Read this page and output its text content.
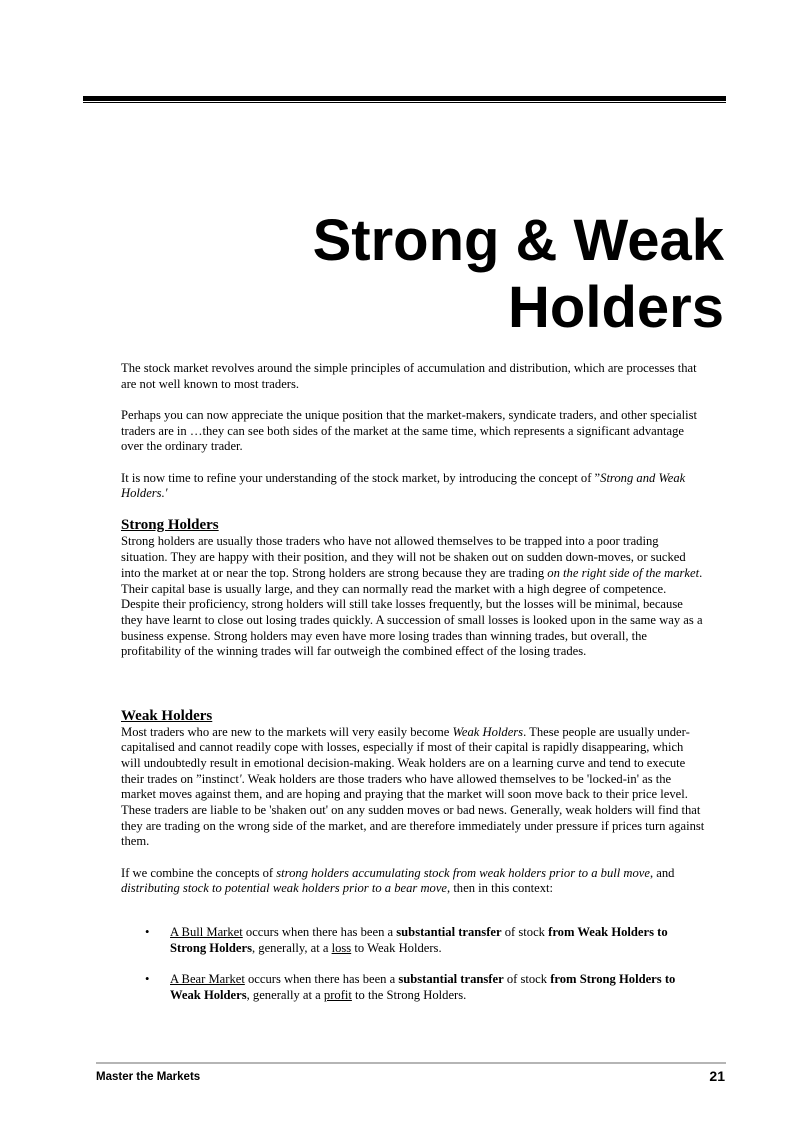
Strong & Weak
Holders

The stock market revolves around the simple principles of accumulation and distribution, which are processes that are not well known to most traders.

Perhaps you can now appreciate the unique position that the market-makers, syndicate traders, and other specialist traders are in …they can see both sides of the market at the same time, which represents a significant advantage over the ordinary trader.

It is now time to refine your understanding of the stock market, by introducing the concept of ”Strong and Weak Holders.'

Strong Holders

Strong holders are usually those traders who have not allowed themselves to be trapped into a poor trading situation. They are happy with their position, and they will not be shaken out on sudden down-moves, or sucked into the market at or near the top. Strong holders are strong because they are trading on the right side of the market. Their capital base is usually large, and they can normally read the market with a high degree of competence. Despite their proficiency, strong holders will still take losses frequently, but the losses will be minimal, because they have learnt to close out losing trades quickly. A succession of small losses is looked upon in the same way as a business expense. Strong holders may even have more losing trades than winning trades, but overall, the profitability of the winning trades will far outweigh the combined effect of the losing trades.

Weak Holders

Most traders who are new to the markets will very easily become Weak Holders. These people are usually under-capitalised and cannot readily cope with losses, especially if most of their capital is rapidly disappearing, which will undoubtedly result in emotional decision-making. Weak holders are on a learning curve and tend to execute their trades on ”instinct'. Weak holders are those traders who have allowed themselves to be 'locked-in' as the market moves against them, and are hoping and praying that the market will soon move back to their price level. These traders are liable to be 'shaken out' on any sudden moves or bad news. Generally, weak holders will find that they are trading on the wrong side of the market, and are therefore immediately under pressure if prices turn against them.

If we combine the concepts of strong holders accumulating stock from weak holders prior to a bull move, and distributing stock to potential weak holders prior to a bear move, then in this context:

• A Bull Market occurs when there has been a substantial transfer of stock from Weak Holders to Strong Holders, generally, at a loss to Weak Holders.
• A Bear Market occurs when there has been a substantial transfer of stock from Strong Holders to Weak Holders, generally at a profit to the Strong Holders.
Master the Markets	21
